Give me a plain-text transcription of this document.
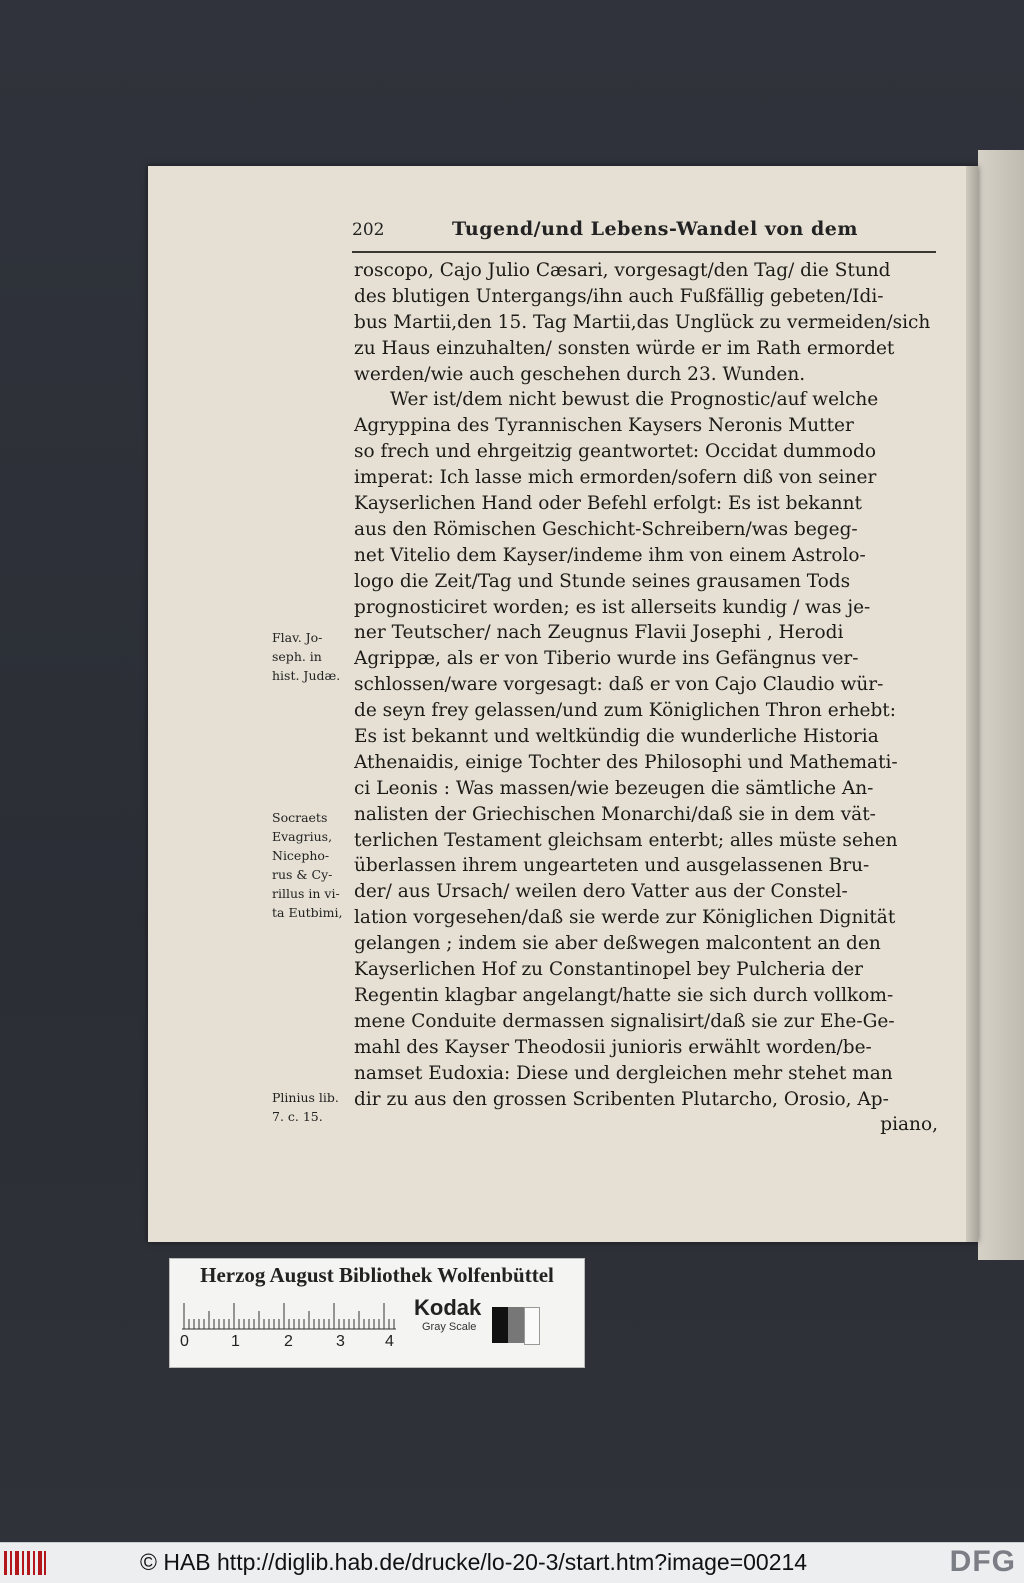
202	Tugend/und Lebens-Wandel von dem
roscopo, Cajo Julio Cæsari, vorgesagt/den Tag/ die Stund
des blutigen Untergangs/ihn auch Fußfällig gebeten/Idi-
bus Martii,den 15. Tag Martii,das Unglück zu vermeiden/sich
zu Haus einzuhalten/ sonsten würde er im Rath ermordet
werden/wie auch geschehen durch 23. Wunden.
Wer ist/dem nicht bewust die Prognostic/auf welche
Agryppina des Tyrannischen Kaysers Neronis Mutter
so frech und ehrgeitzig geantwortet: Occidat dummodo
imperat: Ich lasse mich ermorden/sofern diß von seiner
Kayserlichen Hand oder Befehl erfolgt: Es ist bekannt
aus den Römischen Geschicht-Schreibern/was begeg-
net Vitelio dem Kayser/indeme ihm von einem Astrolo-
logo die Zeit/Tag und Stunde seines grausamen Tods
prognosticiret worden; es ist allerseits kundig / was je-
ner Teutscher/ nach Zeugnus Flavii Josephi , Herodi
Agrippæ, als er von Tiberio wurde ins Gefängnus ver-
schlossen/ware vorgesagt: daß er von Cajo Claudio wür-
de seyn frey gelassen/und zum Königlichen Thron erhebt:
Es ist bekannt und weltkündig die wunderliche Historia
Athenaidis, einige Tochter des Philosophi und Mathemati-
ci Leonis : Was massen/wie bezeugen die sämtliche An-
nalisten der Griechischen Monarchi/daß sie in dem vät-
terlichen Testament gleichsam enterbt; alles müste sehen
überlassen ihrem ungearteten und ausgelassenen Bru-
der/ aus Ursach/ weilen dero Vatter aus der Constel-
lation vorgesehen/daß sie werde zur Königlichen Dignität
gelangen ; indem sie aber deßwegen malcontent an den
Kayserlichen Hof zu Constantinopel bey Pulcheria der
Regentin klagbar angelangt/hatte sie sich durch vollkom-
mene Conduite dermassen signalisirt/daß sie zur Ehe-Ge-
mahl des Kayser Theodosii junioris erwählt worden/be-
namset Eudoxia: Diese und dergleichen mehr stehet man
dir zu aus den grossen Scribenten Plutarcho, Orosio, Ap-
piano,
Flav. Jo-
seph. in
hist. Judæ.
Socraets
Evagrius,
Nicepho-
rus & Cy-
rillus in vi-
ta Eutbimi,
Plinius lib.
7. c. 15.
Herzog August Bibliothek Wolfenbüttel
0	1	2	3	4
Kodak
Gray Scale
© HAB http://diglib.hab.de/drucke/lo-20-3/start.htm?image=00214	DFG
